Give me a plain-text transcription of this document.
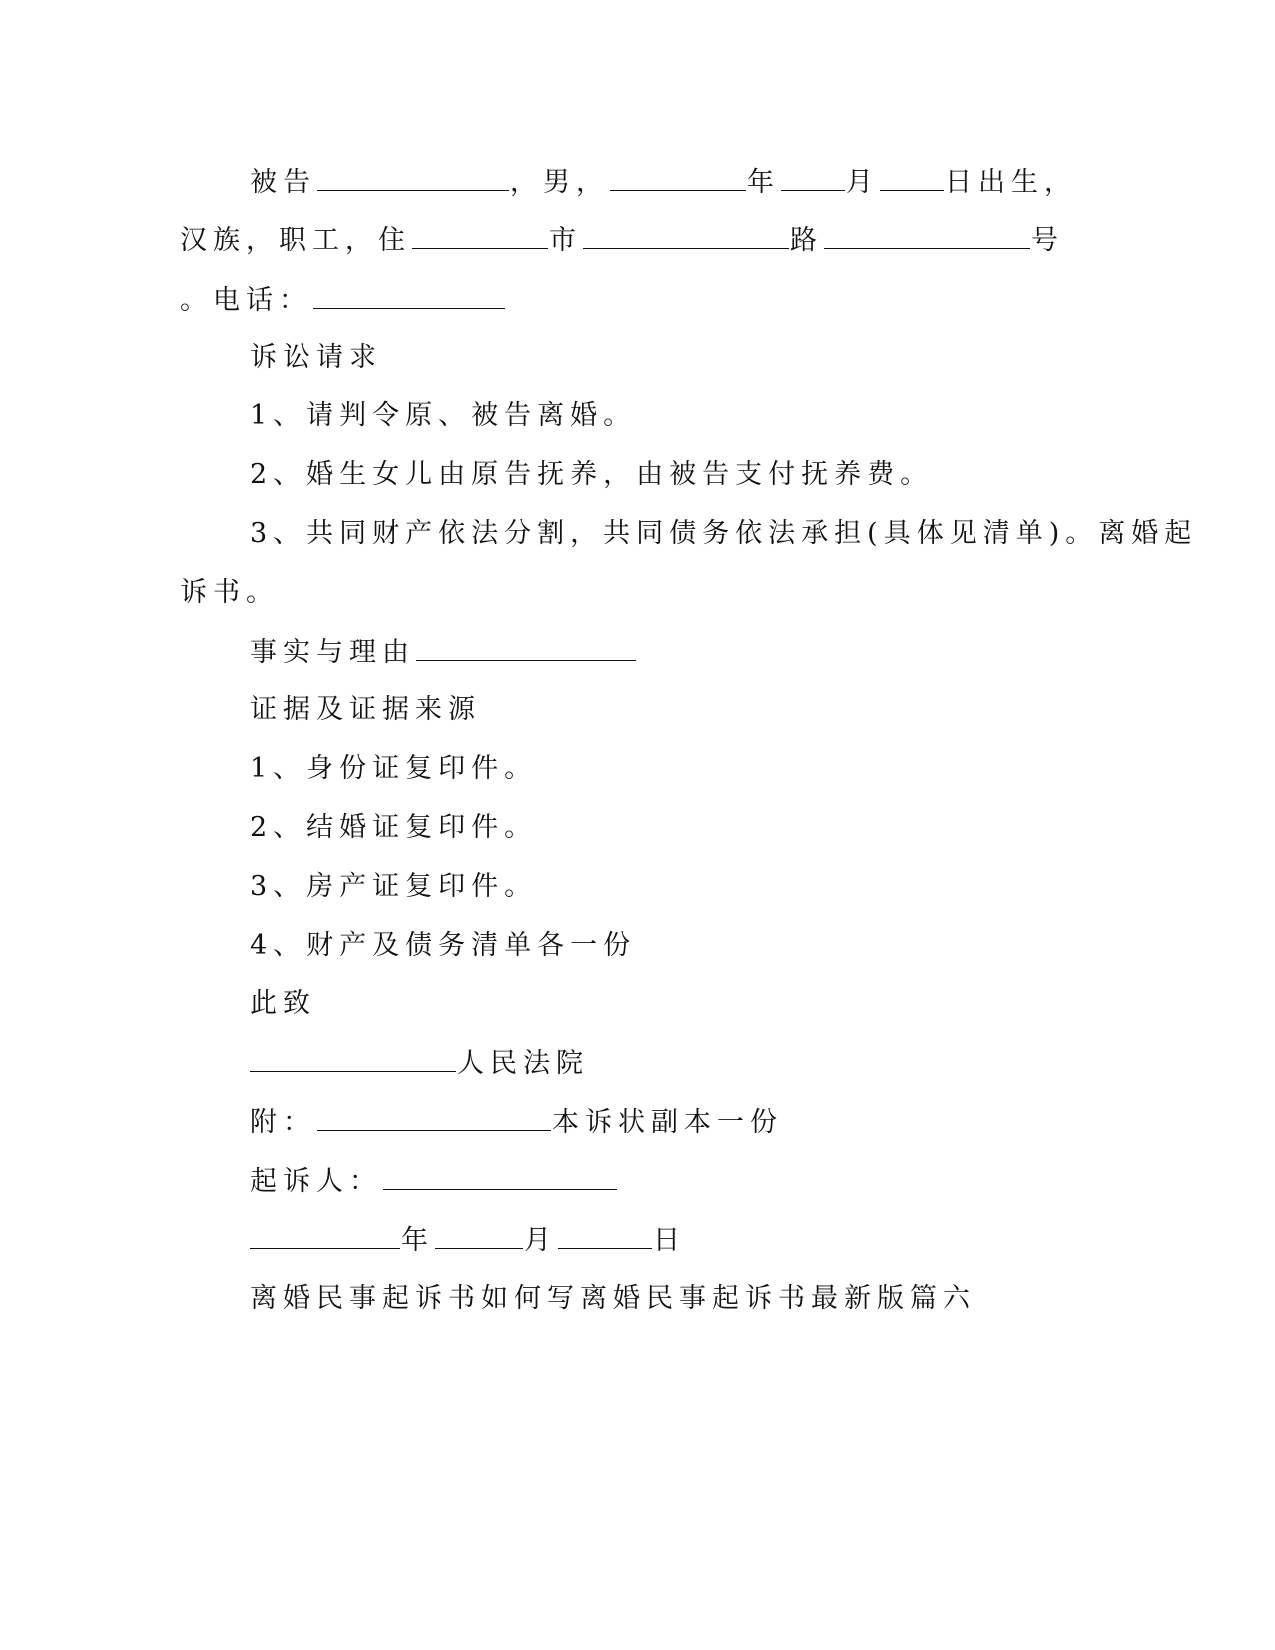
被告	，男，	年 月 日出生，
汉族，职工，住	市	路	号
。电话：
诉讼请求
1、请判令原、被告离婚。
2、婚生女儿由原告抚养，由被告支付抚养费。
3、共同财产依法分割，共同债务依法承担(具体见清单)。离婚起
诉书。
事实与理由
证据及证据来源
1、身份证复印件。
2、结婚证复印件。
3、房产证复印件。
4、财产及债务清单各一份
此致
人民法院
附：	本诉状副本一份
起诉人：
年	月	日
离婚民事起诉书如何写离婚民事起诉书最新版篇六
